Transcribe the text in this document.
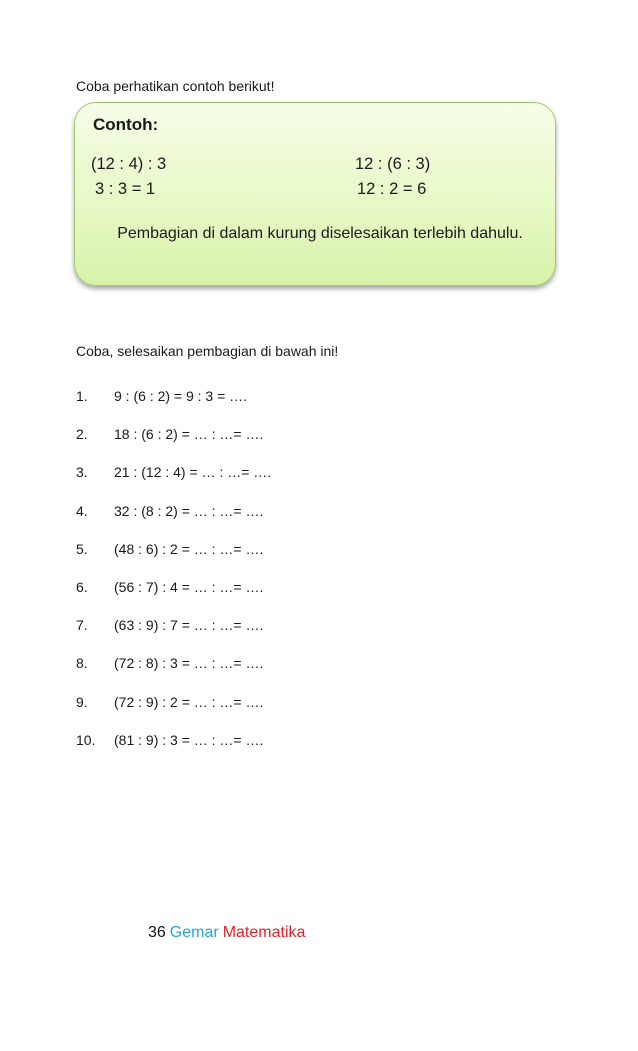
Coba perhatikan contoh berikut!

Contoh:

(12 : 4) : 3

3 : 3 = 1

12 : (6 : 3)

12 : 2 = 6

Pembagian di dalam kurung diselesaikan terlebih dahulu.

Coba, selesaikan pembagian di bawah ini!

1. 9 : (6 : 2) = 9 : 3 = ….
2. 18 : (6 : 2) = … : …= ….
3. 21 : (12 : 4) = … : …= ….
4. 32 : (8 : 2) = … : …= ….
5. (48 : 6) : 2 = … : …= ….
6. (56 : 7) : 4 = … : …= ….
7. (63 : 9) : 7 = … : …= ….
8. (72 : 8) : 3 = … : …= ….
9. (72 : 9) : 2 = … : …= ….
10. (81 : 9) : 3 = … : …= ….

36 Gemar Matematika
